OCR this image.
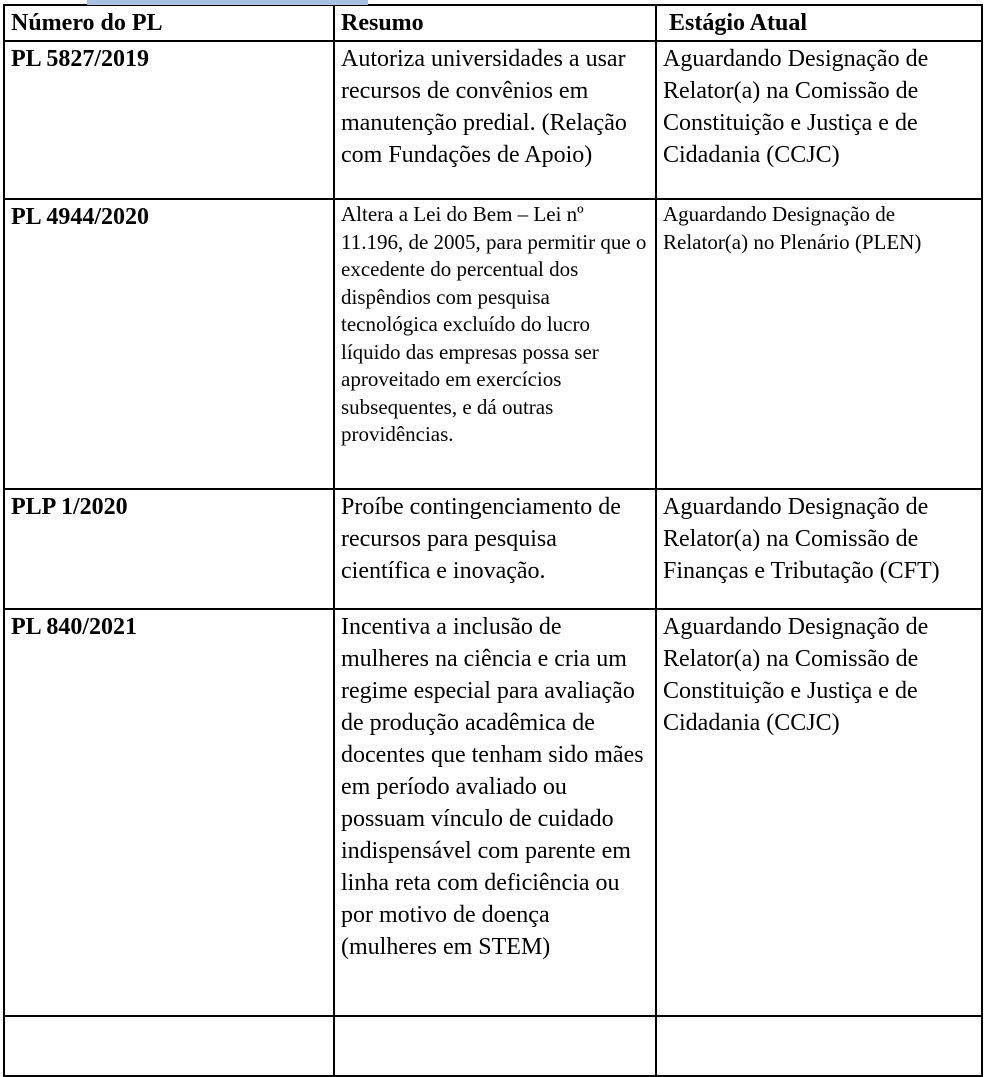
Número do PL	Resumo	Estágio Atual
PL 5827/2019	Autoriza universidades a usar recursos de convênios em manutenção predial. (Relação com Fundações de Apoio)	Aguardando Designação de Relator(a) na Comissão de Constituição e Justiça e de Cidadania (CCJC)
PL 4944/2020	Altera a Lei do Bem – Lei nº 11.196, de 2005, para permitir que o excedente do percentual dos dispêndios com pesquisa tecnológica excluído do lucro líquido das empresas possa ser aproveitado em exercícios subsequentes, e dá outras providências.	Aguardando Designação de Relator(a) no Plenário (PLEN)
PLP 1/2020	Proíbe contingenciamento de recursos para pesquisa científica e inovação.	Aguardando Designação de Relator(a) na Comissão de Finanças e Tributação (CFT)
PL 840/2021	Incentiva a inclusão de mulheres na ciência e cria um regime especial para avaliação de produção acadêmica de docentes que tenham sido mães em período avaliado ou possuam vínculo de cuidado indispensável com parente em linha reta com deficiência ou por motivo de doença (mulheres em STEM)	Aguardando Designação de Relator(a) na Comissão de Constituição e Justiça e de Cidadania (CCJC)
